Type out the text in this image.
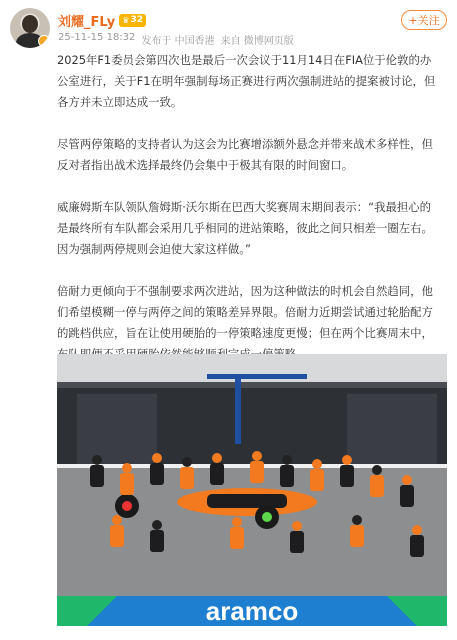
刘耀_FLy ♛ 32
25-11-15 18:32 发布于 中国香港 来自 微博网页版
+关注

2025年F1委员会第四次也是最后一次会议于11月14日在FIA位于伦敦的办公室进行，关于F1在明年强制每场正赛进行两次强制进站的提案被讨论，但各方并未立即达成一致。

尽管两停策略的支持者认为这会为比赛增添额外悬念并带来战术多样性，但反对者指出战术选择最终仍会集中于极其有限的时间窗口。

威廉姆斯车队领队詹姆斯·沃尔斯在巴西大奖赛周末期间表示：“我最担心的是最终所有车队都会采用几乎相同的进站策略，彼此之间只相差一圈左右。因为强制两停规则会迫使大家这样做。”

倍耐力更倾向于不强制要求两次进站，因为这种做法的时机会自然趋同，他们希望模糊一停与两停之间的策略差异界限。倍耐力近期尝试通过轮胎配方的跳档供应，旨在让使用硬胎的一停策略速度更慢；但在两个比赛周末中，

aramco
